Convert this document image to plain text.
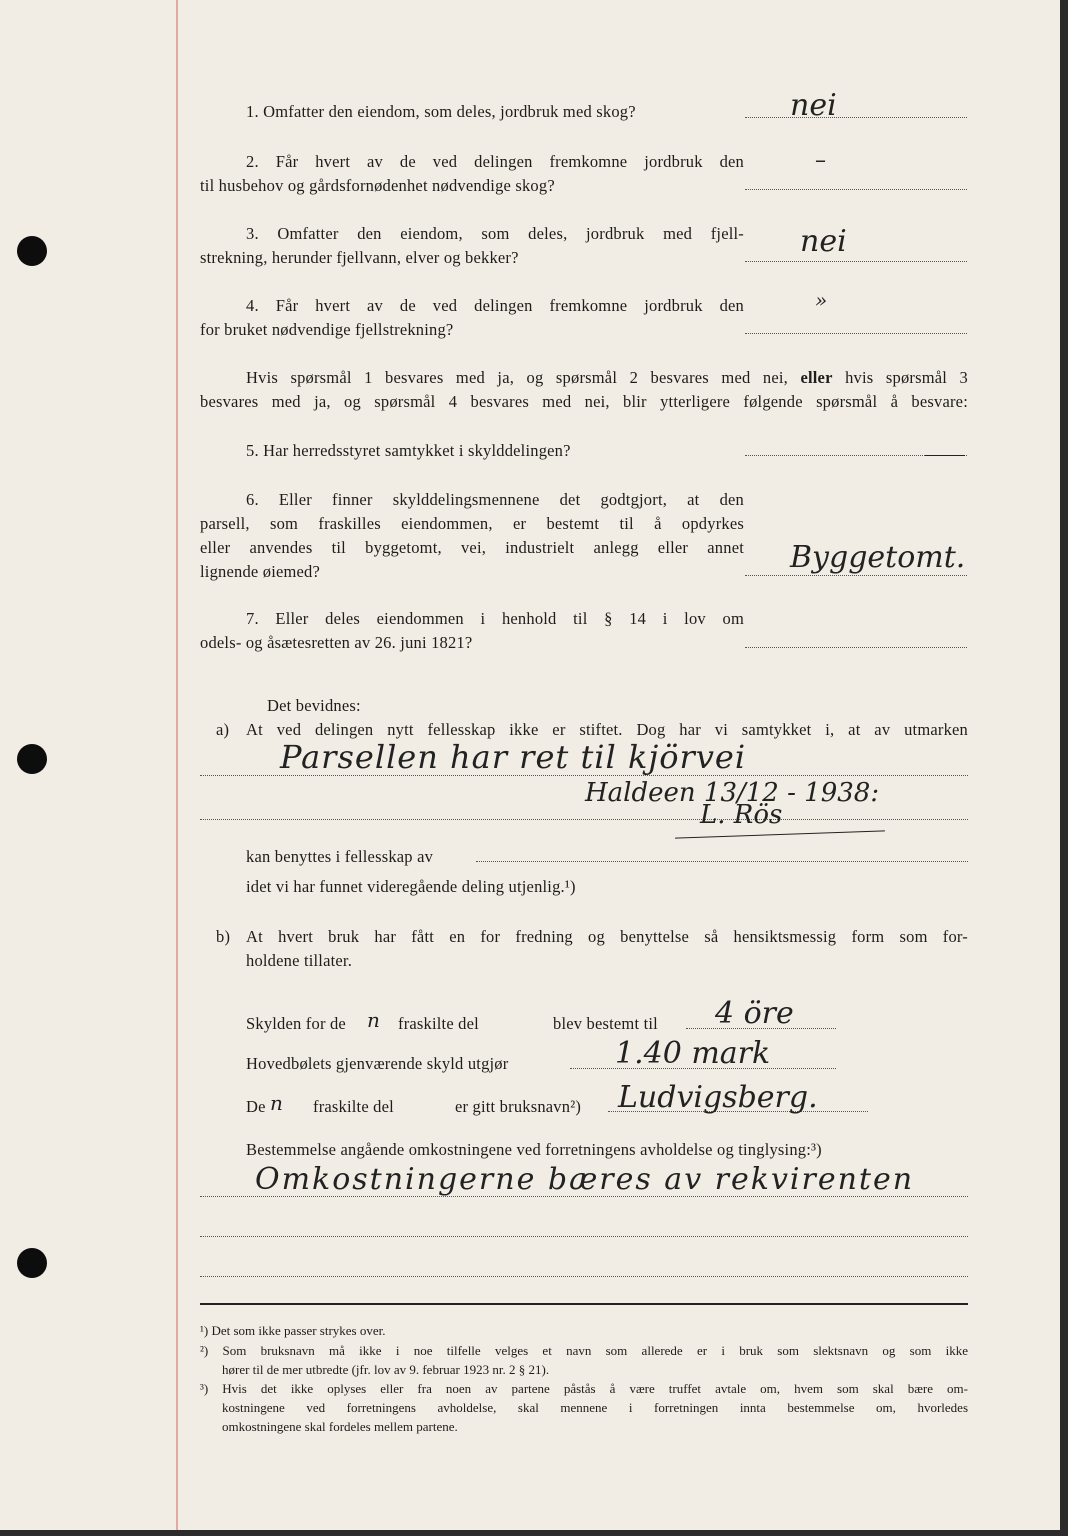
1. Omfatter den eiendom, som deles, jordbruk med skog?	nei
2. Får hvert av de ved delingen fremkomne jordbruk den
til husbehov og gårdsfornødenhet nødvendige skog?
–
3. Omfatter den eiendom, som deles, jordbruk med fjell-
strekning, herunder fjellvann, elver og bekker?	nei
4. Får hvert av de ved delingen fremkomne jordbruk den
for bruket nødvendige fjellstrekning?
»
Hvis spørsmål 1 besvares med ja, og spørsmål 2 besvares med nei, eller hvis spørsmål 3
besvares med ja, og spørsmål 4 besvares med nei, blir ytterligere følgende spørsmål å besvare:
5. Har herredsstyret samtykket i skylddelingen?
6. Eller finner skylddelingsmennene det godtgjort, at den
parsell, som fraskilles eiendommen, er bestemt til å opdyrkes
eller anvendes til byggetomt, vei, industrielt anlegg eller annet
lignende øiemed?	Byggetomt.
7. Eller deles eiendommen i henhold til § 14 i lov om
odels- og åsætesretten av 26. juni 1821?
Det bevidnes:
a) At ved delingen nytt fellesskap ikke er stiftet. Dog har vi samtykket i, at av utmarken
Parsellen har ret til kjörvei
Haldeen 13/12 - 1938:
L. Rös
kan benyttes i fellesskap av
idet vi har funnet videregående deling utjenlig.¹)
b) At hvert bruk har fått en for fredning og benyttelse så hensiktsmessig form som for-
holdene tillater.
Skylden for de n fraskilte del	blev bestemt til 4 öre
Hovedbølets gjenværende skyld utgjør	1.40 mark
De n fraskilte del	er gitt bruksnavn²) Ludvigsberg.
Bestemmelse angående omkostningene ved forretningens avholdelse og tinglysing:³)
Omkostningerne bæres av rekvirenten
¹) Det som ikke passer strykes over.
²) Som bruksnavn må ikke i noe tilfelle velges et navn som allerede er i bruk som slektsnavn og som ikke
hører til de mer utbredte (jfr. lov av 9. februar 1923 nr. 2 § 21).
³) Hvis det ikke oplyses eller fra noen av partene påstås å være truffet avtale om, hvem som skal bære om-
kostningene ved forretningens avholdelse, skal mennene i forretningen innta bestemmelse om, hvorledes
omkostningene skal fordeles mellem partene.
